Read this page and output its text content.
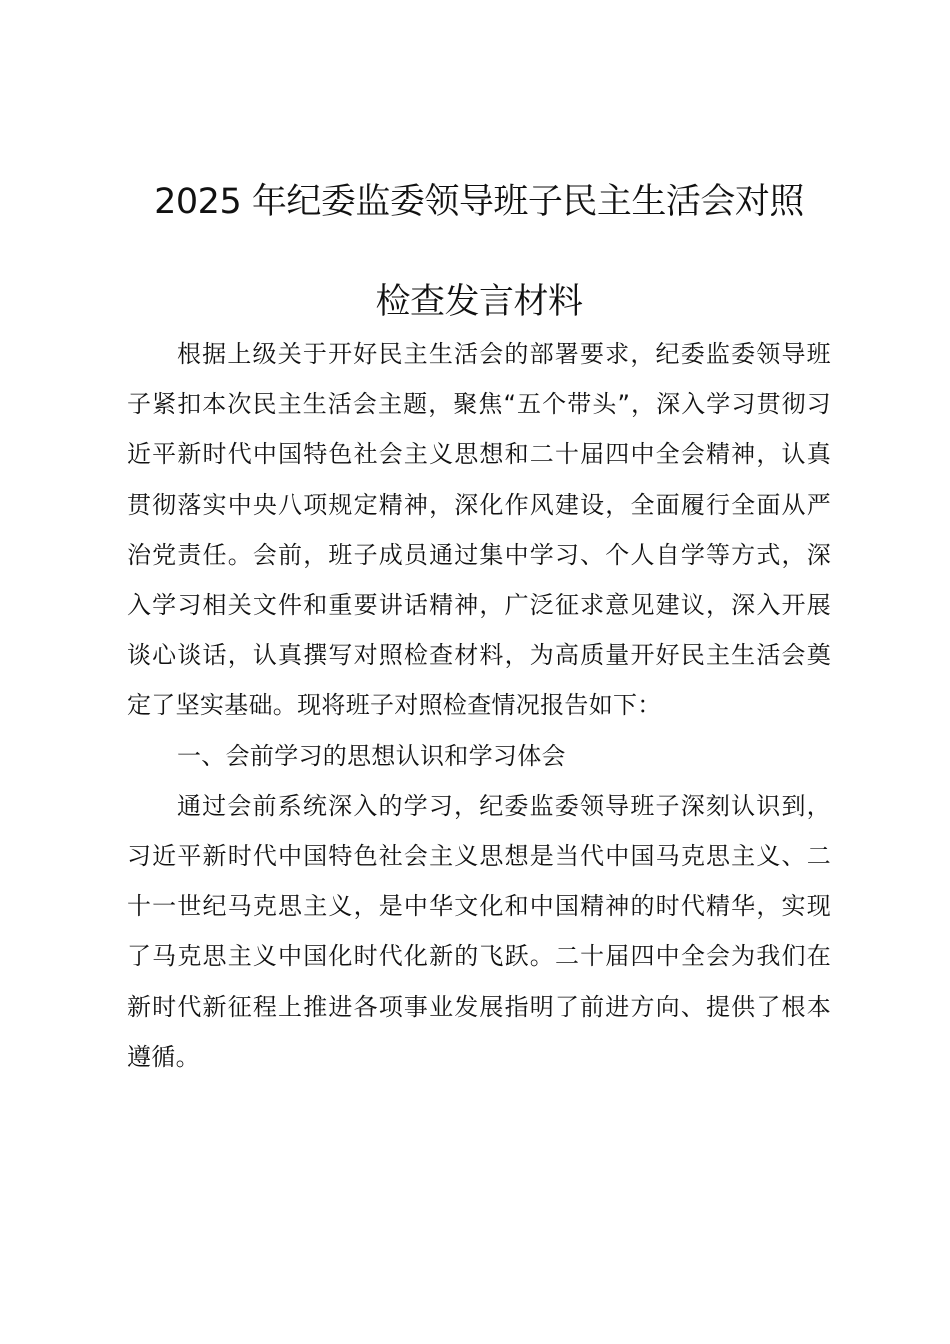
2025 年纪委监委领导班子民主生活会对照
检查发言材料

根据上级关于开好民主生活会的部署要求，纪委监委领导班子紧扣本次民主生活会主题，聚焦“五个带头”，深入学习贯彻习近平新时代中国特色社会主义思想和二十届四中全会精神，认真贯彻落实中央八项规定精神，深化作风建设，全面履行全面从严治党责任。会前，班子成员通过集中学习、个人自学等方式，深入学习相关文件和重要讲话精神，广泛征求意见建议，深入开展谈心谈话，认真撰写对照检查材料，为高质量开好民主生活会奠定了坚实基础。现将班子对照检查情况报告如下：

一、会前学习的思想认识和学习体会

通过会前系统深入的学习，纪委监委领导班子深刻认识到，习近平新时代中国特色社会主义思想是当代中国马克思主义、二十一世纪马克思主义，是中华文化和中国精神的时代精华，实现了马克思主义中国化时代化新的飞跃。二十届四中全会为我们在新时代新征程上推进各项事业发展指明了前进方向、提供了根本遵循。
